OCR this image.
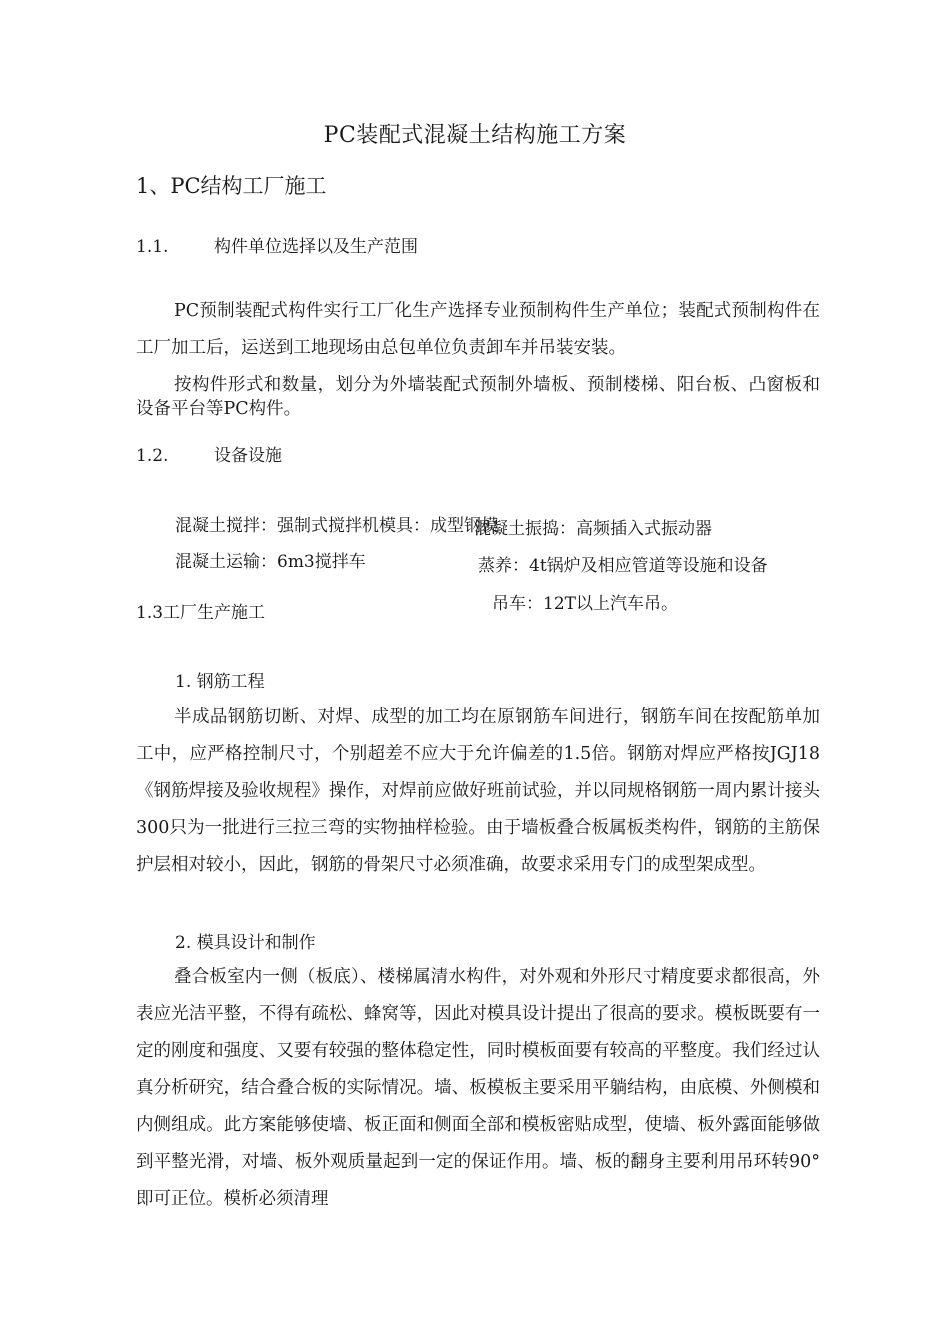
PC装配式混凝土结构施工方案
1、PC结构工厂施工
1.1.	构件单位选择以及生产范围

PC预制装配式构件实行工厂化生产选择专业预制构件生产单位；装配式预制构件在工厂加工后，运送到工地现场由总包单位负责卸车并吊装安装。

按构件形式和数量，划分为外墙装配式预制外墙板、预制楼梯、阳台板、凸窗板和设备平台等PC构件。

1.2.	设备设施
混凝土搅拌：强制式搅拌机模具：成型钢模
混凝土振捣：高频插入式振动器
混凝土运输：6m3搅拌车	蒸养：4t锅炉及相应管道等设施和设备
吊车：12T以上汽车吊。
1.3工厂生产施工
1. 钢筋工程

半成品钢筋切断、对焊、成型的加工均在原钢筋车间进行，钢筋车间在按配筋单加工中，应严格控制尺寸，个别超差不应大于允许偏差的1.5倍。钢筋对焊应严格按JGJ18《钢筋焊接及验收规程》操作，对焊前应做好班前试验，并以同规格钢筋一周内累计接头300只为一批进行三拉三弯的实物抽样检验。由于墙板叠合板属板类构件，钢筋的主筋保护层相对较小，因此，钢筋的骨架尺寸必须准确，故要求采用专门的成型架成型。

2. 模具设计和制作

叠合板室内一侧（板底）、楼梯属清水构件，对外观和外形尺寸精度要求都很高，外表应光洁平整，不得有疏松、蜂窝等，因此对模具设计提出了很高的要求。模板既要有一定的刚度和强度、又要有较强的整体稳定性，同时模板面要有较高的平整度。我们经过认真分析研究，结合叠合板的实际情况。墙、板模板主要采用平躺结构，由底模、外侧模和内侧组成。此方案能够使墙、板正面和侧面全部和模板密贴成型，使墙、板外露面能够做到平整光滑，对墙、板外观质量起到一定的保证作用。墙、板的翻身主要利用吊环转90°即可正位。模析必须清理
